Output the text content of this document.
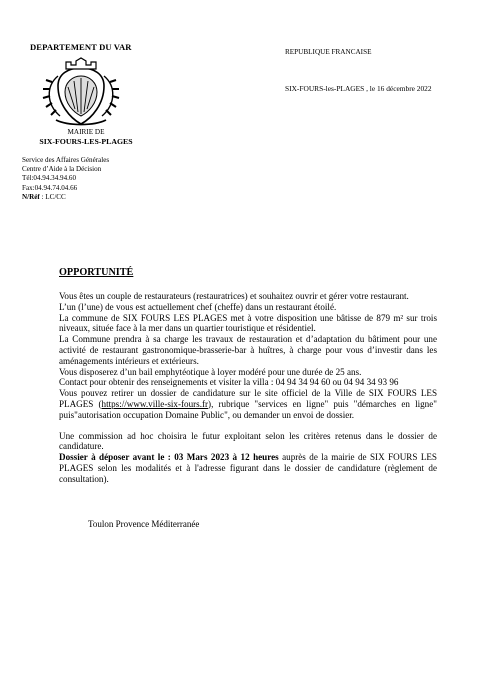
DEPARTEMENT DU VAR	REPUBLIQUE FRANCAISE
SIX-FOURS-les-PLAGES , le 16 décembre 2022
MAIRIE DE
SIX-FOURS-LES-PLAGES
Service des Affaires Générales
Centre d’Aide à la Décision
Tél:04.94.34.94.60
Fax:04.94.74.04.66
N/Réf : LC/CC
OPPORTUNITÉ

Vous êtes un couple de restaurateurs (restauratrices) et souhaitez ouvrir et gérer votre restaurant.

L’un (l’une) de vous est actuellement chef (cheffe) dans un restaurant étoilé.

La commune de SIX FOURS LES PLAGES met à votre disposition une bâtisse de 879 m² sur trois niveaux, située face à la mer dans un quartier touristique et résidentiel.

La Commune prendra à sa charge les travaux de restauration et d’adaptation du bâtiment pour une activité de restaurant gastronomique-brasserie-bar à huîtres, à charge pour vous d’investir dans les aménagements intérieurs et extérieurs.

Vous disposerez d’un bail emphytéotique à loyer modéré pour une durée de 25 ans.

Contact pour obtenir des renseignements et visiter la villa : 04 94 34 94 60 ou 04 94 34 93 96

Vous pouvez retirer un dossier de candidature sur le site officiel de la Ville de SIX FOURS LES PLAGES (https://www.ville-six-fours.fr), rubrique "services en ligne" puis "démarches en ligne" puis"autorisation occupation Domaine Public", ou demander un envoi de dossier.

Une commission ad hoc choisira le futur exploitant selon les critères retenus dans le dossier de candidature.

Dossier à déposer avant le : 03 Mars 2023 à 12 heures auprès de la mairie de SIX FOURS LES PLAGES selon les modalités et à l'adresse figurant dans le dossier de candidature (règlement de consultation).

Toulon Provence Méditerranée
